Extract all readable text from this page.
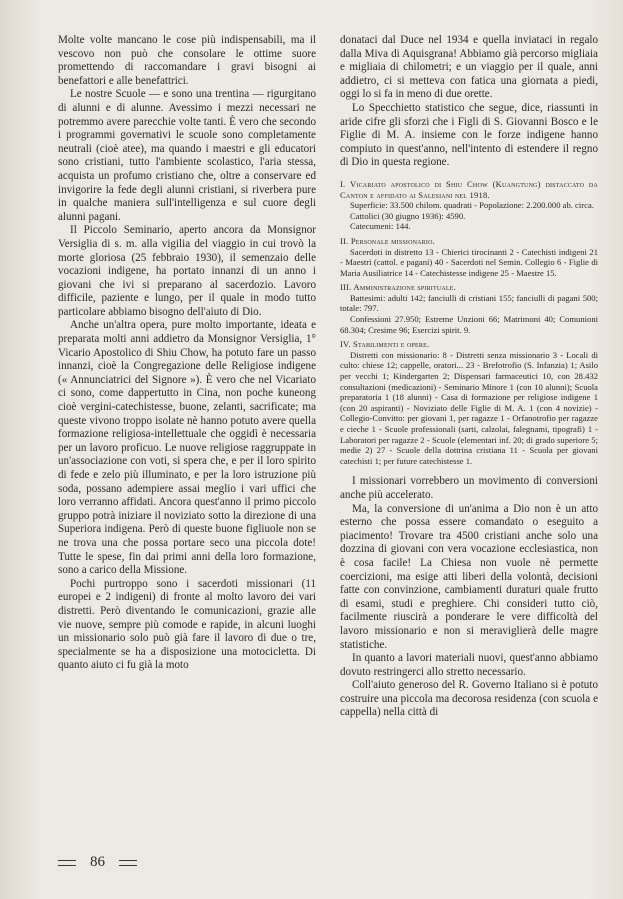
Molte volte mancano le cose più indispensabili, ma il vescovo non può che consolare le ottime suore promettendo di raccomandare i gravi bisogni ai benefattori e alle benefattrici.

Le nostre Scuole — e sono una trentina — rigurgitano di alunni e di alunne. Avessimo i mezzi necessari ne potremmo avere parecchie volte tanti. È vero che secondo i programmi governativi le scuole sono completamente neutrali (cioè atee), ma quando i maestri e gli educatori sono cristiani, tutto l'ambiente scolastico, l'aria stessa, acquista un profumo cristiano che, oltre a conservare ed invigorire la fede degli alunni cristiani, si riverbera pure in qualche maniera sull'intelligenza e sul cuore degli alunni pagani.

Il Piccolo Seminario, aperto ancora da Monsignor Versiglia di s. m. alla vigilia del viaggio in cui trovò la morte gloriosa (25 febbraio 1930), il semenzaio delle vocazioni indigene, ha portato innanzi di un anno i giovani che ivi si preparano al sacerdozio. Lavoro difficile, paziente e lungo, per il quale in modo tutto particolare abbiamo bisogno dell'aiuto di Dio.

Anche un'altra opera, pure molto importante, ideata e preparata molti anni addietro da Monsignor Versiglia, 1° Vicario Apostolico di Shiu Chow, ha potuto fare un passo innanzi, cioè la Congregazione delle Religiose indigene (« Annunciatrici del Signore »). È vero che nel Vicariato ci sono, come dappertutto in Cina, non poche kuneong cioè vergini-catechistesse, buone, zelanti, sacrificate; ma queste vivono troppo isolate nè hanno potuto avere quella formazione religiosa-intellettuale che oggidì è necessaria per un lavoro proficuo. Le nuove religiose raggruppate in un'associazione con voti, si spera che, e per il loro spirito di fede e zelo più illuminato, e per la loro istruzione più soda, possano adempiere assai meglio i vari uffici che loro verranno affidati. Ancora quest'anno il primo piccolo gruppo potrà iniziare il noviziato sotto la direzione di una Superiora indigena. Però di queste buone figliuole non se ne trova una che possa portare seco una piccola dote! Tutte le spese, fin dai primi anni della loro formazione, sono a carico della Missione.

Pochi purtroppo sono i sacerdoti missionari (11 europei e 2 indigeni) di fronte al molto lavoro dei vari distretti. Però diventando le comunicazioni, grazie alle vie nuove, sempre più comode e rapide, in alcuni luoghi un missionario solo può già fare il lavoro di due o tre, specialmente se ha a disposizione una motocicletta. Di quanto aiuto ci fu già la moto

donataci dal Duce nel 1934 e quella inviataci in regalo dalla Miva di Aquisgrana! Abbiamo già percorso migliaia e migliaia di chilometri; e un viaggio per il quale, anni addietro, ci si metteva con fatica una giornata a piedi, oggi lo si fa in meno di due orette.

Lo Specchietto statistico che segue, dice, riassunti in aride cifre gli sforzi che i Figli di S. Giovanni Bosco e le Figlie di M. A. insieme con le forze indigene hanno compiuto in quest'anno, nell'intento di estendere il regno di Dio in questa regione.

I. Vicariato apostolico di Shiu Chow (Kuangtung) distaccato da Canton e affidato ai Salesiani nel 1918.
Superficie: 33.500 chilom. quadrati - Popolazione: 2.200.000 ab. circa.
Cattolici (30 giugno 1936): 4590.
Catecumeni: 144.
II. Personale missionario.
Sacerdoti in distretto 13 - Chierici tirocinanti 2 - Catechisti indigeni 21 - Maestri (cattol. e pagani) 40 - Sacerdoti nel Semin. Collegio 6 - Figlie di Maria Ausiliatrice 14 - Catechistesse indigene 25 - Maestre 15.
III. Amministrazione spirituale.
Battesimi: adulti 142; fanciulli di cristiani 155; fanciulli di pagani 500; totale: 797.
Confessioni 27.950; Estreme Unzioni 66; Matrimoni 40; Comunioni 68.304; Cresime 96; Esercizi spirit. 9.
IV. Stabilimenti e opere.
Distretti con missionario: 8 - Distretti senza missionario 3 - Locali di culto: chiese 12; cappelle, oratori... 23 - Brefotrofio (S. Infanzia) 1; Asilo per vecchi 1; Kindergarten 2; Dispensari farmaceutici 10, con 28.432 consultazioni (medicazioni) - Seminario Minore 1 (con 10 alunni); Scuola preparatoria 1 (18 alunni) - Casa di formazione per religiose indigene 1 (con 20 aspiranti) - Noviziato delle Figlie di M. A. 1 (con 4 novizie) - Collegio-Convitto: per giovani 1, per ragazze 1 - Orfanotrofio per ragazze e cieche 1 - Scuole professionali (sarti, calzolai, falegnami, tipografi) 1 - Laboratori per ragazze 2 - Scuole (elementari inf. 20; di grado superiore 5; medie 2) 27 - Scuole della dottrina cristiana 11 - Scuola per giovani catechisti 1; per future catechistesse 1.

I missionari vorrebbero un movimento di conversioni anche più accelerato.

Ma, la conversione di un'anima a Dio non è un atto esterno che possa essere comandato o eseguito a piacimento! Trovare tra 4500 cristiani anche solo una dozzina di giovani con vera vocazione ecclesiastica, non è cosa facile! La Chiesa non vuole nè permette coercizioni, ma esige atti liberi della volontà, decisioni fatte con convinzione, cambiamenti duraturi quale frutto di esami, studi e preghiere. Chi consideri tutto ciò, facilmente riuscirà a ponderare le vere difficoltà del lavoro missionario e non si meraviglierà delle magre statistiche.

In quanto a lavori materiali nuovi, quest'anno abbiamo dovuto restringerci allo stretto necessario.

Coll'aiuto generoso del R. Governo Italiano si è potuto costruire una piccola ma decorosa residenza (con scuola e cappella) nella città di

86
